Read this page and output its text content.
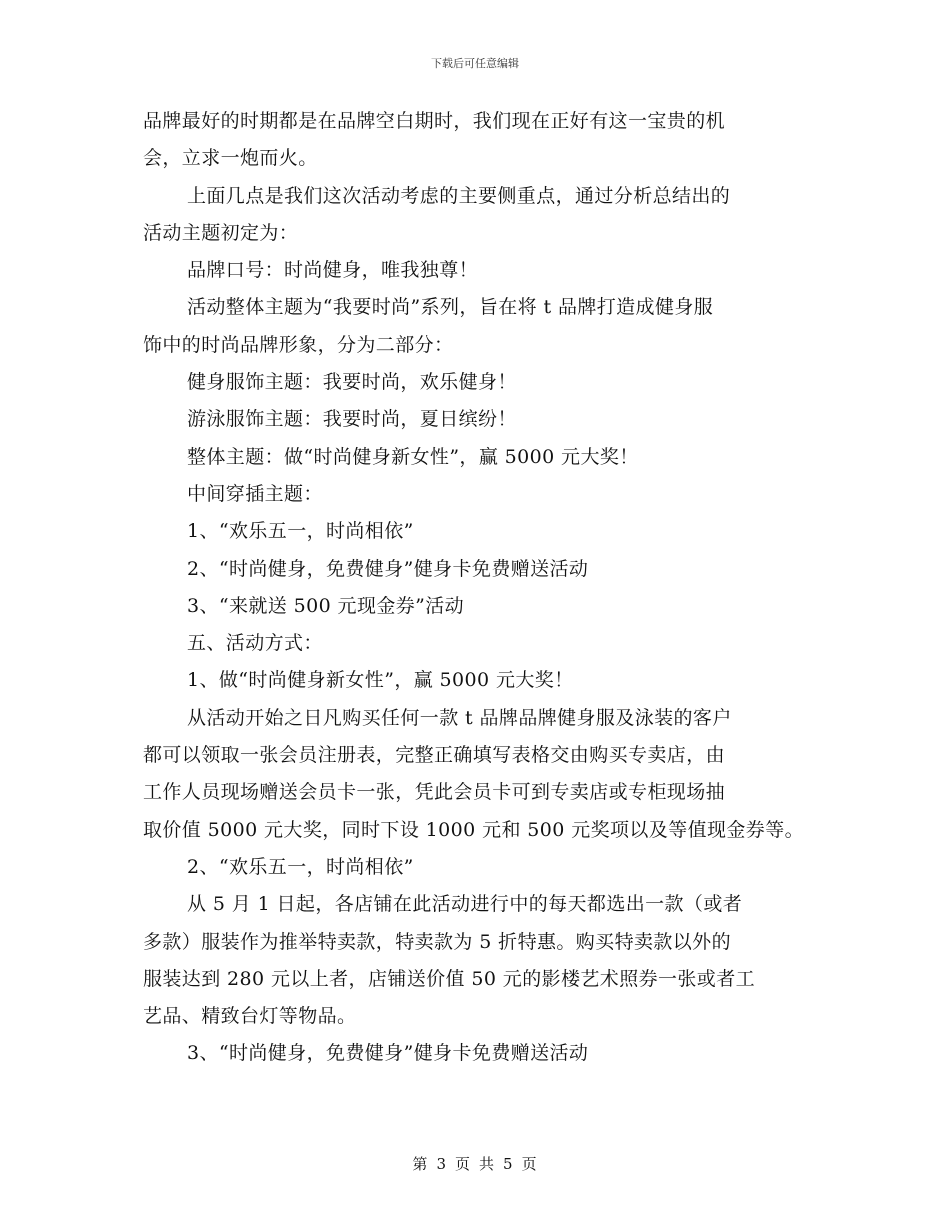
下载后可任意编辑
品牌最好的时期都是在品牌空白期时，我们现在正好有这一宝贵的机
会，立求一炮而火。
上面几点是我们这次活动考虑的主要侧重点，通过分析总结出的
活动主题初定为：
品牌口号：时尚健身，唯我独尊！
活动整体主题为“我要时尚”系列，旨在将 t 品牌打造成健身服
饰中的时尚品牌形象，分为二部分：
健身服饰主题：我要时尚，欢乐健身！
游泳服饰主题：我要时尚，夏日缤纷！
整体主题：做“时尚健身新女性”，赢 5000 元大奖！
中间穿插主题：
1、“欢乐五一，时尚相依”
2、“时尚健身，免费健身”健身卡免费赠送活动
3、“来就送 500 元现金券”活动
五、活动方式：
1、做“时尚健身新女性”，赢 5000 元大奖！
从活动开始之日凡购买任何一款 t 品牌品牌健身服及泳装的客户
都可以领取一张会员注册表，完整正确填写表格交由购买专卖店，由
工作人员现场赠送会员卡一张，凭此会员卡可到专卖店或专柜现场抽
取价值 5000 元大奖，同时下设 1000 元和 500 元奖项以及等值现金券等。
2、“欢乐五一，时尚相依”
从 5 月 1 日起，各店铺在此活动进行中的每天都选出一款（或者
多款）服装作为推举特卖款，特卖款为 5 折特惠。购买特卖款以外的
服装达到 280 元以上者，店铺送价值 50 元的影楼艺术照券一张或者工
艺品、精致台灯等物品。
3、“时尚健身，免费健身”健身卡免费赠送活动
第 3 页 共 5 页
